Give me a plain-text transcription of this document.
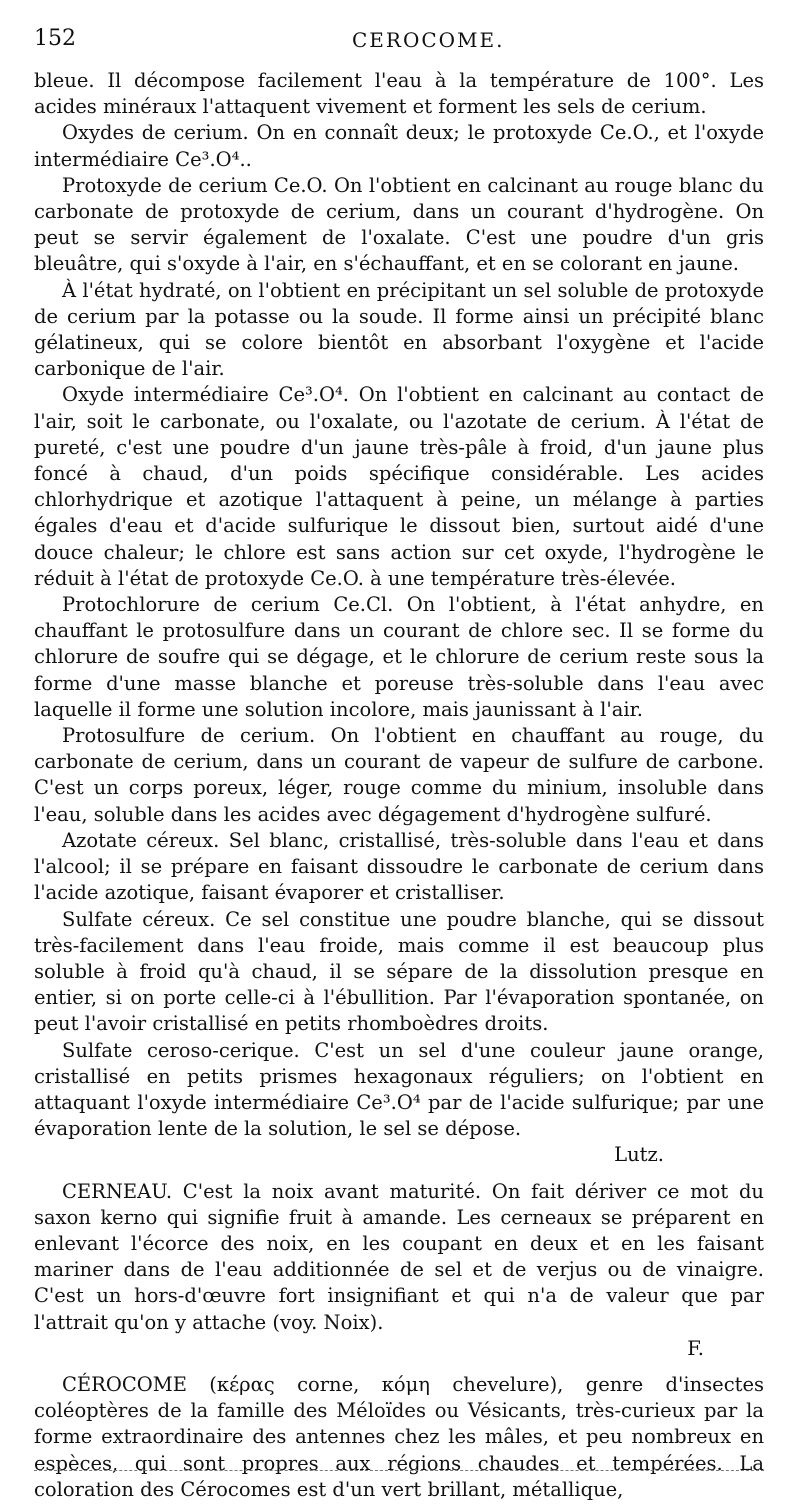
152	CEROCOME.

bleue. Il décompose facilement l'eau à la température de 100°. Les acides minéraux l'attaquent vivement et forment les sels de cerium.

Oxydes de cerium. On en connaît deux; le protoxyde Ce.O., et l'oxyde intermédiaire Ce³.O⁴..

Protoxyde de cerium Ce.O. On l'obtient en calcinant au rouge blanc du carbonate de protoxyde de cerium, dans un courant d'hydrogène. On peut se servir également de l'oxalate. C'est une poudre d'un gris bleuâtre, qui s'oxyde à l'air, en s'échauffant, et en se colorant en jaune.

À l'état hydraté, on l'obtient en précipitant un sel soluble de protoxyde de cerium par la potasse ou la soude. Il forme ainsi un précipité blanc gélatineux, qui se colore bientôt en absorbant l'oxygène et l'acide carbonique de l'air.

Oxyde intermédiaire Ce³.O⁴. On l'obtient en calcinant au contact de l'air, soit le carbonate, ou l'oxalate, ou l'azotate de cerium. À l'état de pureté, c'est une poudre d'un jaune très-pâle à froid, d'un jaune plus foncé à chaud, d'un poids spécifique considérable. Les acides chlorhydrique et azotique l'attaquent à peine, un mélange à parties égales d'eau et d'acide sulfurique le dissout bien, surtout aidé d'une douce chaleur; le chlore est sans action sur cet oxyde, l'hydrogène le réduit à l'état de protoxyde Ce.O. à une température très-élevée.

Protochlorure de cerium Ce.Cl. On l'obtient, à l'état anhydre, en chauffant le protosulfure dans un courant de chlore sec. Il se forme du chlorure de soufre qui se dégage, et le chlorure de cerium reste sous la forme d'une masse blanche et poreuse très-soluble dans l'eau avec laquelle il forme une solution incolore, mais jaunissant à l'air.

Protosulfure de cerium. On l'obtient en chauffant au rouge, du carbonate de cerium, dans un courant de vapeur de sulfure de carbone. C'est un corps poreux, léger, rouge comme du minium, insoluble dans l'eau, soluble dans les acides avec dégagement d'hydrogène sulfuré.

Azotate céreux. Sel blanc, cristallisé, très-soluble dans l'eau et dans l'alcool; il se prépare en faisant dissoudre le carbonate de cerium dans l'acide azotique, faisant évaporer et cristalliser.

Sulfate céreux. Ce sel constitue une poudre blanche, qui se dissout très-facilement dans l'eau froide, mais comme il est beaucoup plus soluble à froid qu'à chaud, il se sépare de la dissolution presque en entier, si on porte celle-ci à l'ébullition. Par l'évaporation spontanée, on peut l'avoir cristallisé en petits rhomboèdres droits.

Sulfate ceroso-cerique. C'est un sel d'une couleur jaune orange, cristallisé en petits prismes hexagonaux réguliers; on l'obtient en attaquant l'oxyde intermédiaire Ce³.O⁴ par de l'acide sulfurique; par une évaporation lente de la solution, le sel se dépose.

Lutz.

CERNEAU. C'est la noix avant maturité. On fait dériver ce mot du saxon kerno qui signifie fruit à amande. Les cerneaux se préparent en enlevant l'écorce des noix, en les coupant en deux et en les faisant mariner dans de l'eau additionnée de sel et de verjus ou de vinaigre. C'est un hors-d'œuvre fort insignifiant et qui n'a de valeur que par l'attrait qu'on y attache (voy. Noix).

F.

CÉROCOME (κέρας corne, κόμη chevelure), genre d'insectes coléoptères de la famille des Méloïdes ou Vésicants, très-curieux par la forme extraordinaire des antennes chez les mâles, et peu nombreux en espèces, qui sont propres aux régions chaudes et tempérées. La coloration des Cérocomes est d'un vert brillant, métallique,
